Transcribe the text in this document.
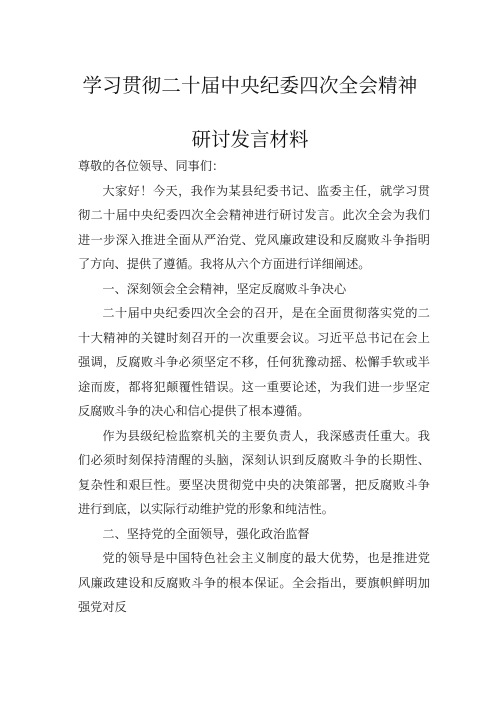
学习贯彻二十届中央纪委四次全会精神
研讨发言材料

尊敬的各位领导、同事们：

大家好！今天，我作为某县纪委书记、监委主任，就学习贯彻二十届中央纪委四次全会精神进行研讨发言。此次全会为我们进一步深入推进全面从严治党、党风廉政建设和反腐败斗争指明了方向、提供了遵循。我将从六个方面进行详细阐述。

一、深刻领会全会精神，坚定反腐败斗争决心

二十届中央纪委四次全会的召开，是在全面贯彻落实党的二十大精神的关键时刻召开的一次重要会议。习近平总书记在会上强调，反腐败斗争必须坚定不移，任何犹豫动摇、松懈手软或半途而废，都将犯颠覆性错误。这一重要论述，为我们进一步坚定反腐败斗争的决心和信心提供了根本遵循。

作为县级纪检监察机关的主要负责人，我深感责任重大。我们必须时刻保持清醒的头脑，深刻认识到反腐败斗争的长期性、复杂性和艰巨性。要坚决贯彻党中央的决策部署，把反腐败斗争进行到底，以实际行动维护党的形象和纯洁性。

二、坚持党的全面领导，强化政治监督

党的领导是中国特色社会主义制度的最大优势，也是推进党风廉政建设和反腐败斗争的根本保证。全会指出，要旗帜鲜明加强党对反
